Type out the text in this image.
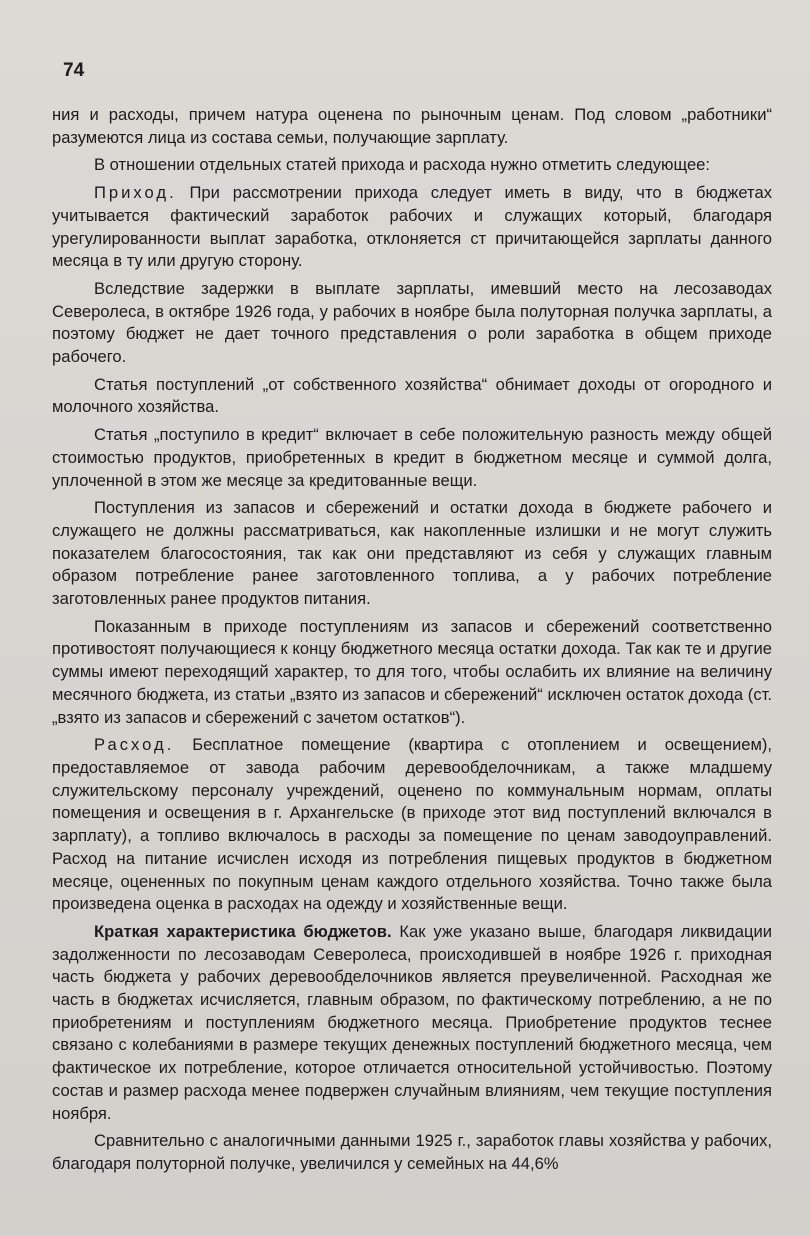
74

ния и расходы, причем натура оценена по рыночным ценам. Под словом „работники“ разумеются лица из состава семьи, получающие зарплату.

В отношении отдельных статей прихода и расхода нужно отметить следующее:

Приход. При рассмотрении прихода следует иметь в виду, что в бюджетах учитывается фактический заработок рабочих и служащих который, благодаря урегулированности выплат заработка, отклоняется ст причитающейся зарплаты данного месяца в ту или другую сторону.

Вследствие задержки в выплате зарплаты, имевший место на лесозаводах Северолеса, в октябре 1926 года, у рабочих в ноябре была полуторная получка зарплаты, а поэтому бюджет не дает точного представления о роли заработка в общем приходе рабочего.

Статья поступлений „от собственного хозяйства“ обнимает доходы от огородного и молочного хозяйства.

Статья „поступило в кредит“ включает в себе положительную разность между общей стоимостью продуктов, приобретенных в кредит в бюджетном месяце и суммой долга, уплоченной в этом же месяце за кредитованные вещи.

Поступления из запасов и сбережений и остатки дохода в бюджете рабочего и служащего не должны рассматриваться, как накопленные излишки и не могут служить показателем благосостояния, так как они представляют из себя у служащих главным образом потребление ранее заготовленного топлива, а у рабочих потребление заготовленных ранее продуктов питания.

Показанным в приходе поступлениям из запасов и сбережений соответственно противостоят получающиеся к концу бюджетного месяца остатки дохода. Так как те и другие суммы имеют переходящий характер, то для того, чтобы ослабить их влияние на величину месячного бюджета, из статьи „взято из запасов и сбережений“ исключен остаток дохода (ст. „взято из запасов и сбережений с зачетом остатков“).

Расход. Бесплатное помещение (квартира с отоплением и освещением), предоставляемое от завода рабочим деревообделочникам, а также младшему служительскому персоналу учреждений, оценено по коммунальным нормам, оплаты помещения и освещения в г. Архангельске (в приходе этот вид поступлений включался в зарплату), а топливо включалось в расходы за помещение по ценам заводоуправлений. Расход на питание исчислен исходя из потребления пищевых продуктов в бюджетном месяце, оцененных по покупным ценам каждого отдельного хозяйства. Точно также была произведена оценка в расходах на одежду и хозяйственные вещи.

Краткая характеристика бюджетов. Как уже указано выше, благодаря ликвидации задолженности по лесозаводам Северолеса, происходившей в ноябре 1926 г. приходная часть бюджета у рабочих деревообделочников является преувеличенной. Расходная же часть в бюджетах исчисляется, главным образом, по фактическому потреблению, а не по приобретениям и поступлениям бюджетного месяца. Приобретение продуктов теснее связано с колебаниями в размере текущих денежных поступлений бюджетного месяца, чем фактическое их потребление, которое отличается относительной устойчивостью. Поэтому состав и размер расхода менее подвержен случайным влияниям, чем текущие поступления ноября.

Сравнительно с аналогичными данными 1925 г., заработок главы хозяйства у рабочих, благодаря полуторной получке, увеличился у семейных на 44,6%
